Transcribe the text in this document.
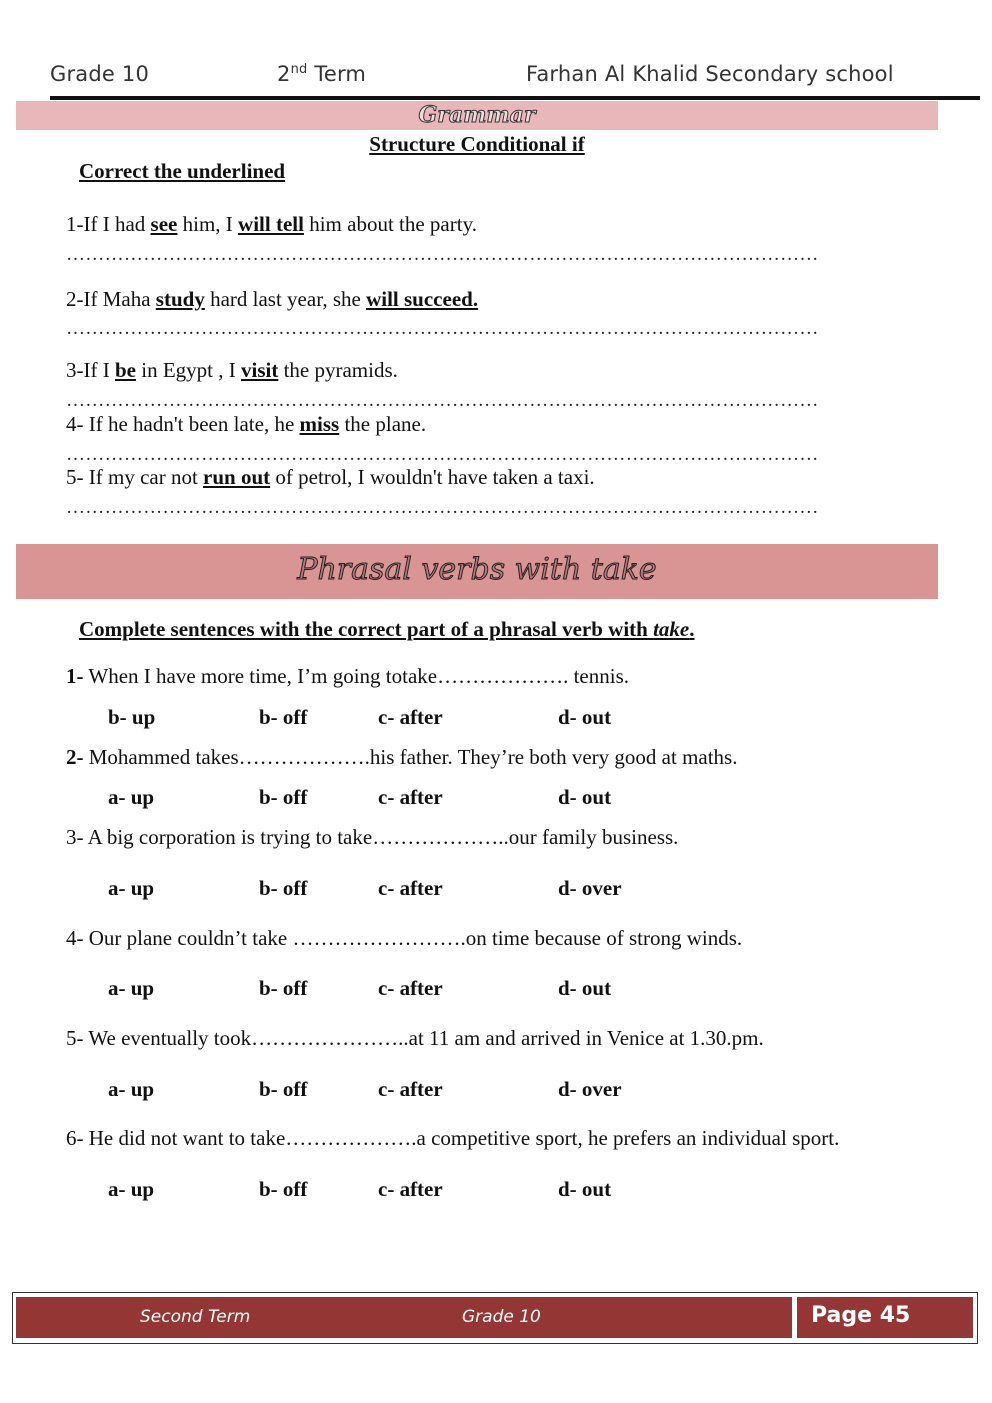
Grade 10	2nd Term	Farhan Al Khalid Secondary school
Grammar
Structure Conditional if
Correct the underlined
1-If I had see him, I will tell him about the party.
………………………………………………………………………………………………………
2-If Maha study hard last year, she will succeed.
………………………………………………………………………………………………………
3-If I be in Egypt , I visit the pyramids.
………………………………………………………………………………………………………
4- If he hadn't been late, he miss the plane.
………………………………………………………………………………………………………
5- If my car not run out of petrol, I wouldn't have taken a taxi.
………………………………………………………………………………………………………
Phrasal verbs with take
Complete sentences with the correct part of a phrasal verb with take.
1- When I have more time, I’m going totake………………. tennis.
b- up	b- off	c- after	d- out
2- Mohammed takes……………….his father. They’re both very good at maths.
a- up	b- off	c- after	d- out
3- A big corporation is trying to take………………..our family business.
a- up	b- off	c- after	d- over
4- Our plane couldn’t take …………………….on time because of strong winds.
a- up	b- off	c- after	d- out
5- We eventually took…………………..at 11 am and arrived in Venice at 1.30.pm.
a- up	b- off	c- after	d- over
6- He did not want to take……………….a competitive sport, he prefers an individual sport.
a- up	b- off	c- after	d- out
Second Term	Grade 10	Page 45
